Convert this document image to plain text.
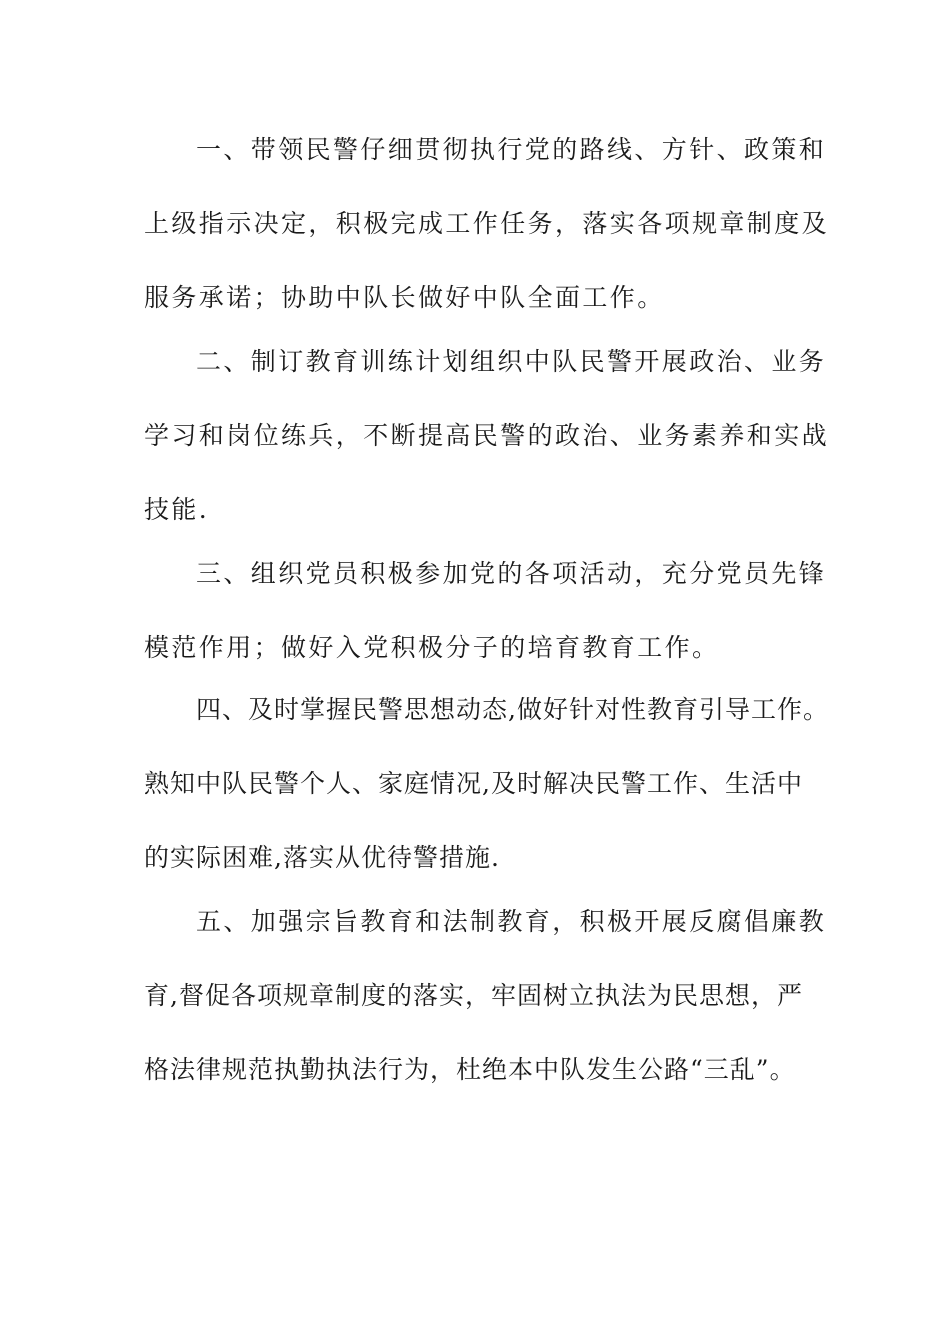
一、带领民警仔细贯彻执行党的路线、方针、政策和
上级指示决定，积极完成工作任务，落实各项规章制度及
服务承诺；协助中队长做好中队全面工作。
二、制订教育训练计划组织中队民警开展政治、业务
学习和岗位练兵，不断提高民警的政治、业务素养和实战
技能.
三、组织党员积极参加党的各项活动，充分党员先锋
模范作用；做好入党积极分子的培育教育工作。
四、及时掌握民警思想动态,做好针对性教育引导工作。
熟知中队民警个人、家庭情况,及时解决民警工作、生活中
的实际困难,落实从优待警措施.
五、加强宗旨教育和法制教育，积极开展反腐倡廉教
育,督促各项规章制度的落实，牢固树立执法为民思想，严
格法律规范执勤执法行为，杜绝本中队发生公路“三乱”。
